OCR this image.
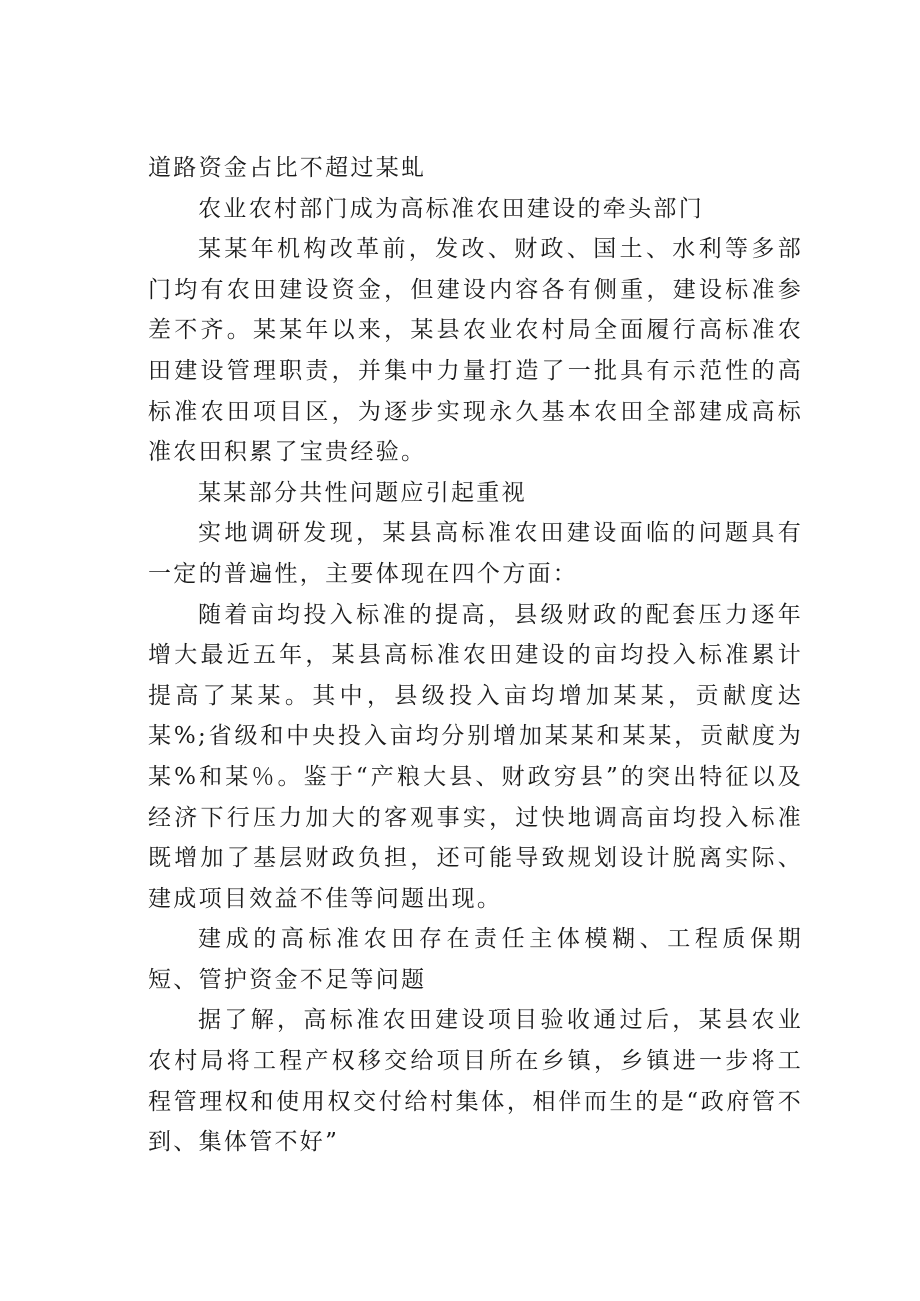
道路资金占比不超过某虬

农业农村部门成为高标准农田建设的牵头部门

某某年机构改革前，发改、财政、国土、水利等多部门均有农田建设资金，但建设内容各有侧重，建设标准参差不齐。某某年以来，某县农业农村局全面履行高标准农田建设管理职责，并集中力量打造了一批具有示范性的高标准农田项目区，为逐步实现永久基本农田全部建成高标准农田积累了宝贵经验。

某某部分共性问题应引起重视

实地调研发现，某县高标准农田建设面临的问题具有一定的普遍性，主要体现在四个方面：

随着亩均投入标准的提高，县级财政的配套压力逐年增大最近五年，某县高标准农田建设的亩均投入标准累计提高了某某。其中，县级投入亩均增加某某，贡献度达某%;省级和中央投入亩均分别增加某某和某某，贡献度为某%和某％。鉴于“产粮大县、财政穷县”的突出特征以及经济下行压力加大的客观事实，过快地调高亩均投入标准既增加了基层财政负担，还可能导致规划设计脱离实际、建成项目效益不佳等问题出现。

建成的高标准农田存在责任主体模糊、工程质保期短、管护资金不足等问题

据了解，高标准农田建设项目验收通过后，某县农业农村局将工程产权移交给项目所在乡镇，乡镇进一步将工程管理权和使用权交付给村集体，相伴而生的是“政府管不到、集体管不好”
